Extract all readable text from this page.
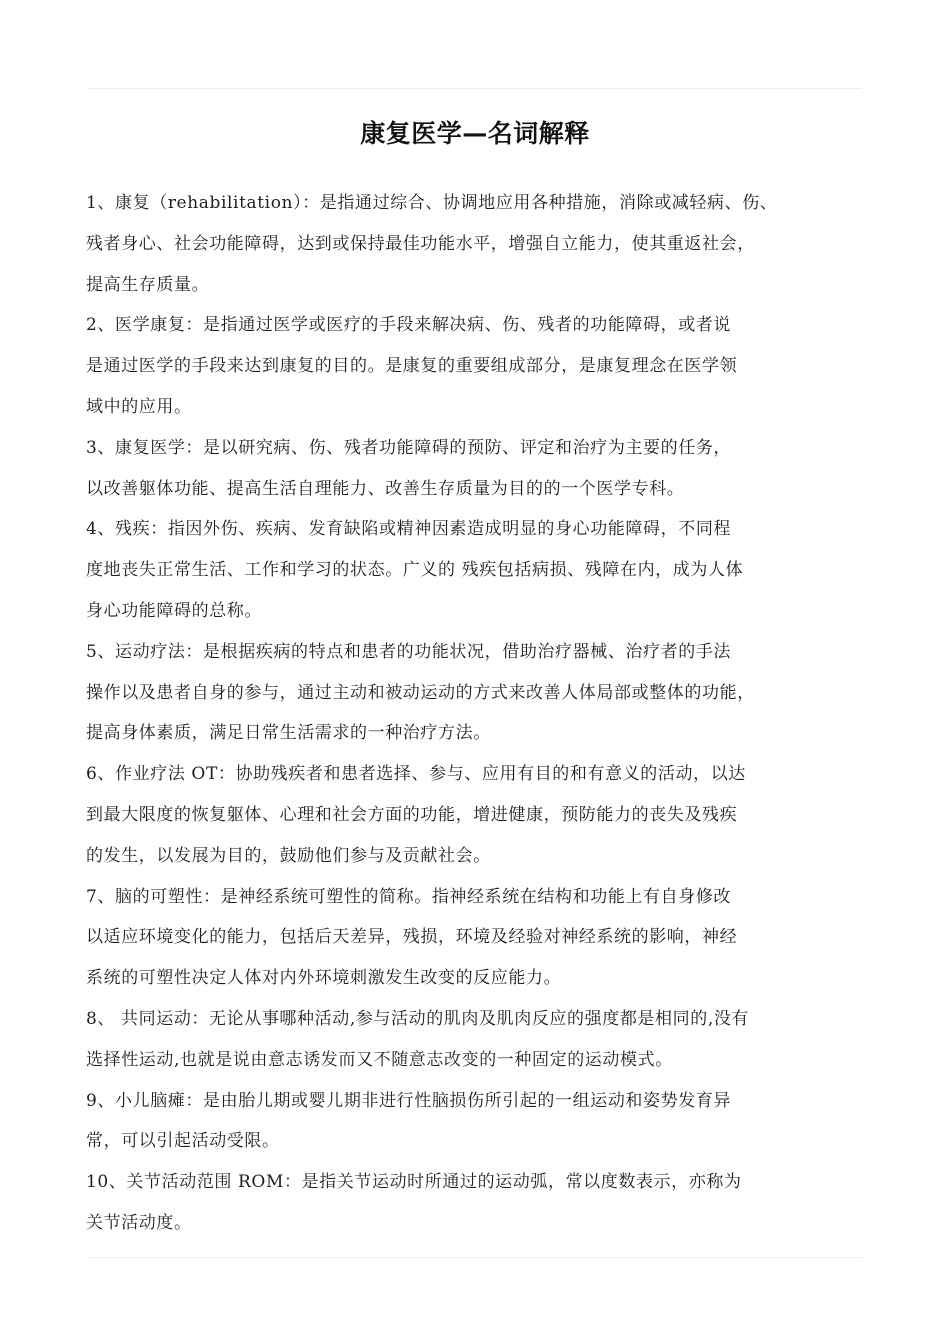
康复医学—名词解释
1、康复（rehabilitation）：是指通过综合、协调地应用各种措施，消除或减轻病、伤、
残者身心、社会功能障碍，达到或保持最佳功能水平，增强自立能力，使其重返社会，
提高生存质量。
2、医学康复：是指通过医学或医疗的手段来解决病、伤、残者的功能障碍，或者说
是通过医学的手段来达到康复的目的。是康复的重要组成部分，是康复理念在医学领
域中的应用。
3、康复医学：是以研究病、伤、残者功能障碍的预防、评定和治疗为主要的任务，
以改善躯体功能、提高生活自理能力、改善生存质量为目的的一个医学专科。
4、残疾：指因外伤、疾病、发育缺陷或精神因素造成明显的身心功能障碍，不同程
度地丧失正常生活、工作和学习的状态。广义的 残疾包括病损、残障在内，成为人体
身心功能障碍的总称。
5、运动疗法：是根据疾病的特点和患者的功能状况，借助治疗器械、治疗者的手法
操作以及患者自身的参与，通过主动和被动运动的方式来改善人体局部或整体的功能，
提高身体素质，满足日常生活需求的一种治疗方法。
6、作业疗法 OT：协助残疾者和患者选择、参与、应用有目的和有意义的活动，以达
到最大限度的恢复躯体、心理和社会方面的功能，增进健康，预防能力的丧失及残疾
的发生，以发展为目的，鼓励他们参与及贡献社会。
7、脑的可塑性：是神经系统可塑性的简称。指神经系统在结构和功能上有自身修改
以适应环境变化的能力，包括后天差异，残损，环境及经验对神经系统的影响，神经
系统的可塑性决定人体对内外环境刺激发生改变的反应能力。
8、 共同运动：无论从事哪种活动,参与活动的肌肉及肌肉反应的强度都是相同的,没有
选择性运动,也就是说由意志诱发而又不随意志改变的一种固定的运动模式。
9、小儿脑瘫：是由胎儿期或婴儿期非进行性脑损伤所引起的一组运动和姿势发育异
常，可以引起活动受限。
10、关节活动范围 ROM：是指关节运动时所通过的运动弧，常以度数表示，亦称为
关节活动度。
